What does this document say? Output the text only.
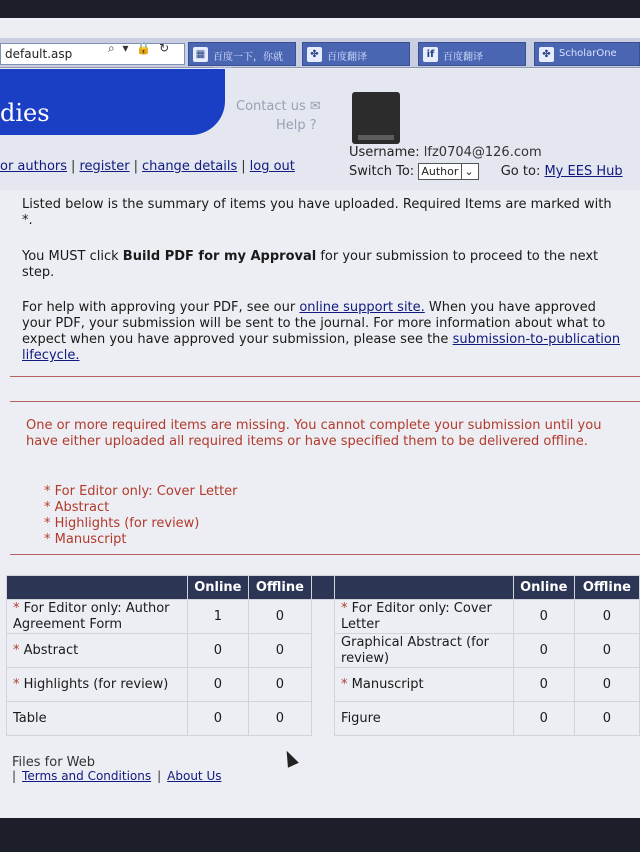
default.asp	⌕ ▾ 🔒 ↻ ▦ 百度一下，你就	✤ 百度翻译	if 百度翻译	✤ ScholarOne
dies	Contact us ✉
Help ?
or authors | register | change details | log out
Username: lfz0704@126.com
Switch To: Author ⌄ Go to: My EES Hub
Listed below is the summary of items you have uploaded. Required Items are marked with *.
You MUST click Build PDF for my Approval for your submission to proceed to the next step.
For help with approving your PDF, see our online support site. When you have approved your PDF, your submission will be sent to the journal. For more information about what to expect when you have approved your submission, please see the submission-to-publication lifecycle.
One or more required items are missing. You cannot complete your submission until you have either uploaded all required items or have specified them to be delivered offline.
* For Editor only: Cover Letter
* Abstract
* Highlights (for review)
* Manuscript
	Online	Offline			Online	Offline
* For Editor only: Author Agreement Form	1	0		* For Editor only: Cover Letter	0	0
* Abstract	0	0		Graphical Abstract (for review)	0	0
* Highlights (for review)	0	0		* Manuscript	0	0
Table	0	0		Figure	0	0
Files for Web
| Terms and Conditions | About Us
